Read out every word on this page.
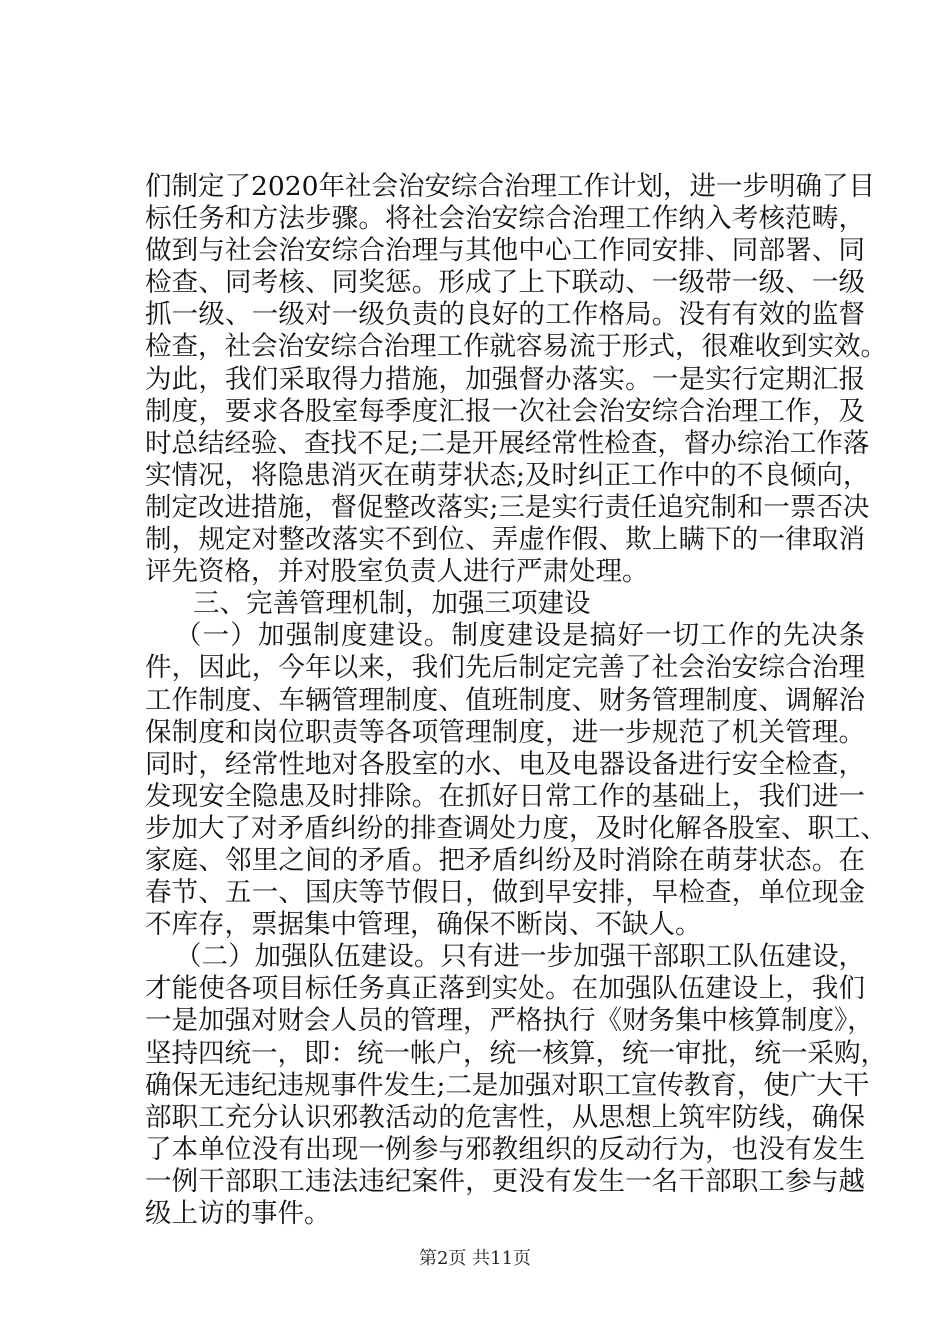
们制定了2020年社会治安综合治理工作计划，进一步明确了目
标任务和方法步骤。将社会治安综合治理工作纳入考核范畴，
做到与社会治安综合治理与其他中心工作同安排、同部署、同
检查、同考核、同奖惩。形成了上下联动、一级带一级、一级
抓一级、一级对一级负责的良好的工作格局。没有有效的监督
检查，社会治安综合治理工作就容易流于形式，很难收到实效。
为此，我们采取得力措施，加强督办落实。一是实行定期汇报
制度，要求各股室每季度汇报一次社会治安综合治理工作，及
时总结经验、查找不足;二是开展经常性检查，督办综治工作落
实情况，将隐患消灭在萌芽状态;及时纠正工作中的不良倾向，
制定改进措施，督促整改落实;三是实行责任追究制和一票否决
制，规定对整改落实不到位、弄虚作假、欺上瞒下的一律取消
评先资格，并对股室负责人进行严肃处理。
三、完善管理机制，加强三项建设
（一）加强制度建设。制度建设是搞好一切工作的先决条
件，因此，今年以来，我们先后制定完善了社会治安综合治理
工作制度、车辆管理制度、值班制度、财务管理制度、调解治
保制度和岗位职责等各项管理制度，进一步规范了机关管理。
同时，经常性地对各股室的水、电及电器设备进行安全检查，
发现安全隐患及时排除。在抓好日常工作的基础上，我们进一
步加大了对矛盾纠纷的排查调处力度，及时化解各股室、职工、
家庭、邻里之间的矛盾。把矛盾纠纷及时消除在萌芽状态。在
春节、五一、国庆等节假日，做到早安排，早检查，单位现金
不库存，票据集中管理，确保不断岗、不缺人。
（二）加强队伍建设。只有进一步加强干部职工队伍建设，
才能使各项目标任务真正落到实处。在加强队伍建设上，我们
一是加强对财会人员的管理，严格执行《财务集中核算制度》，
坚持四统一，即：统一帐户，统一核算，统一审批，统一采购，
确保无违纪违规事件发生;二是加强对职工宣传教育，使广大干
部职工充分认识邪教活动的危害性，从思想上筑牢防线，确保
了本单位没有出现一例参与邪教组织的反动行为，也没有发生
一例干部职工违法违纪案件，更没有发生一名干部职工参与越
级上访的事件。
第2页 共11页
